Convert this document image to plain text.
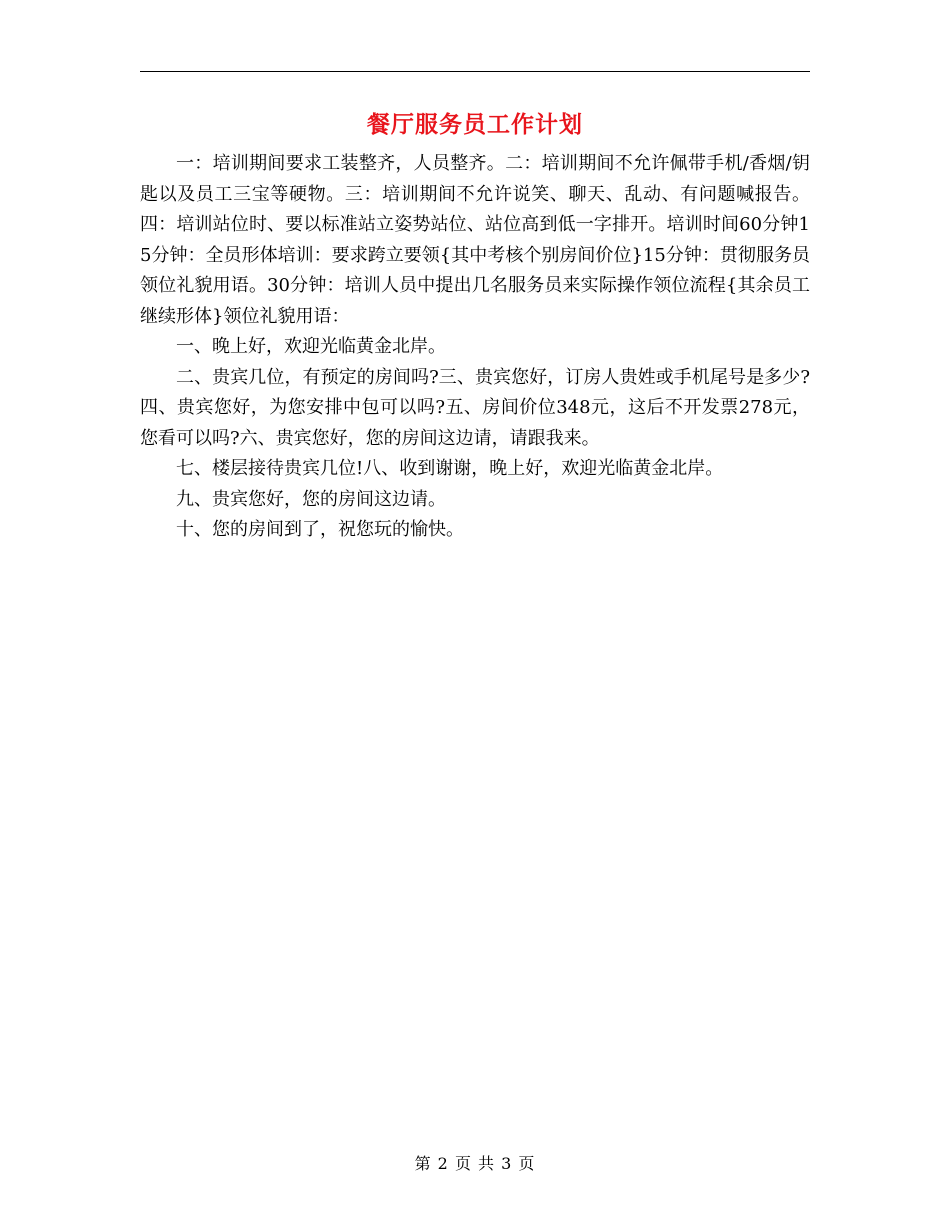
餐厅服务员工作计划

一：培训期间要求工装整齐，人员整齐。二：培训期间不允许佩带手机/香烟/钥匙以及员工三宝等硬物。三：培训期间不允许说笑、聊天、乱动、有问题喊报告。四：培训站位时、要以标准站立姿势站位、站位高到低一字排开。培训时间60分钟15分钟：全员形体培训：要求跨立要领{其中考核个别房间价位}15分钟：贯彻服务员领位礼貌用语。30分钟：培训人员中提出几名服务员来实际操作领位流程{其余员工继续形体}领位礼貌用语：

一、晚上好，欢迎光临黄金北岸。

二、贵宾几位，有预定的房间吗?三、贵宾您好，订房人贵姓或手机尾号是多少?四、贵宾您好，为您安排中包可以吗?五、房间价位348元，这后不开发票278元，您看可以吗?六、贵宾您好，您的房间这边请，请跟我来。

七、楼层接待贵宾几位!八、收到谢谢，晚上好，欢迎光临黄金北岸。

九、贵宾您好，您的房间这边请。

十、您的房间到了，祝您玩的愉快。

第 2 页 共 3 页
